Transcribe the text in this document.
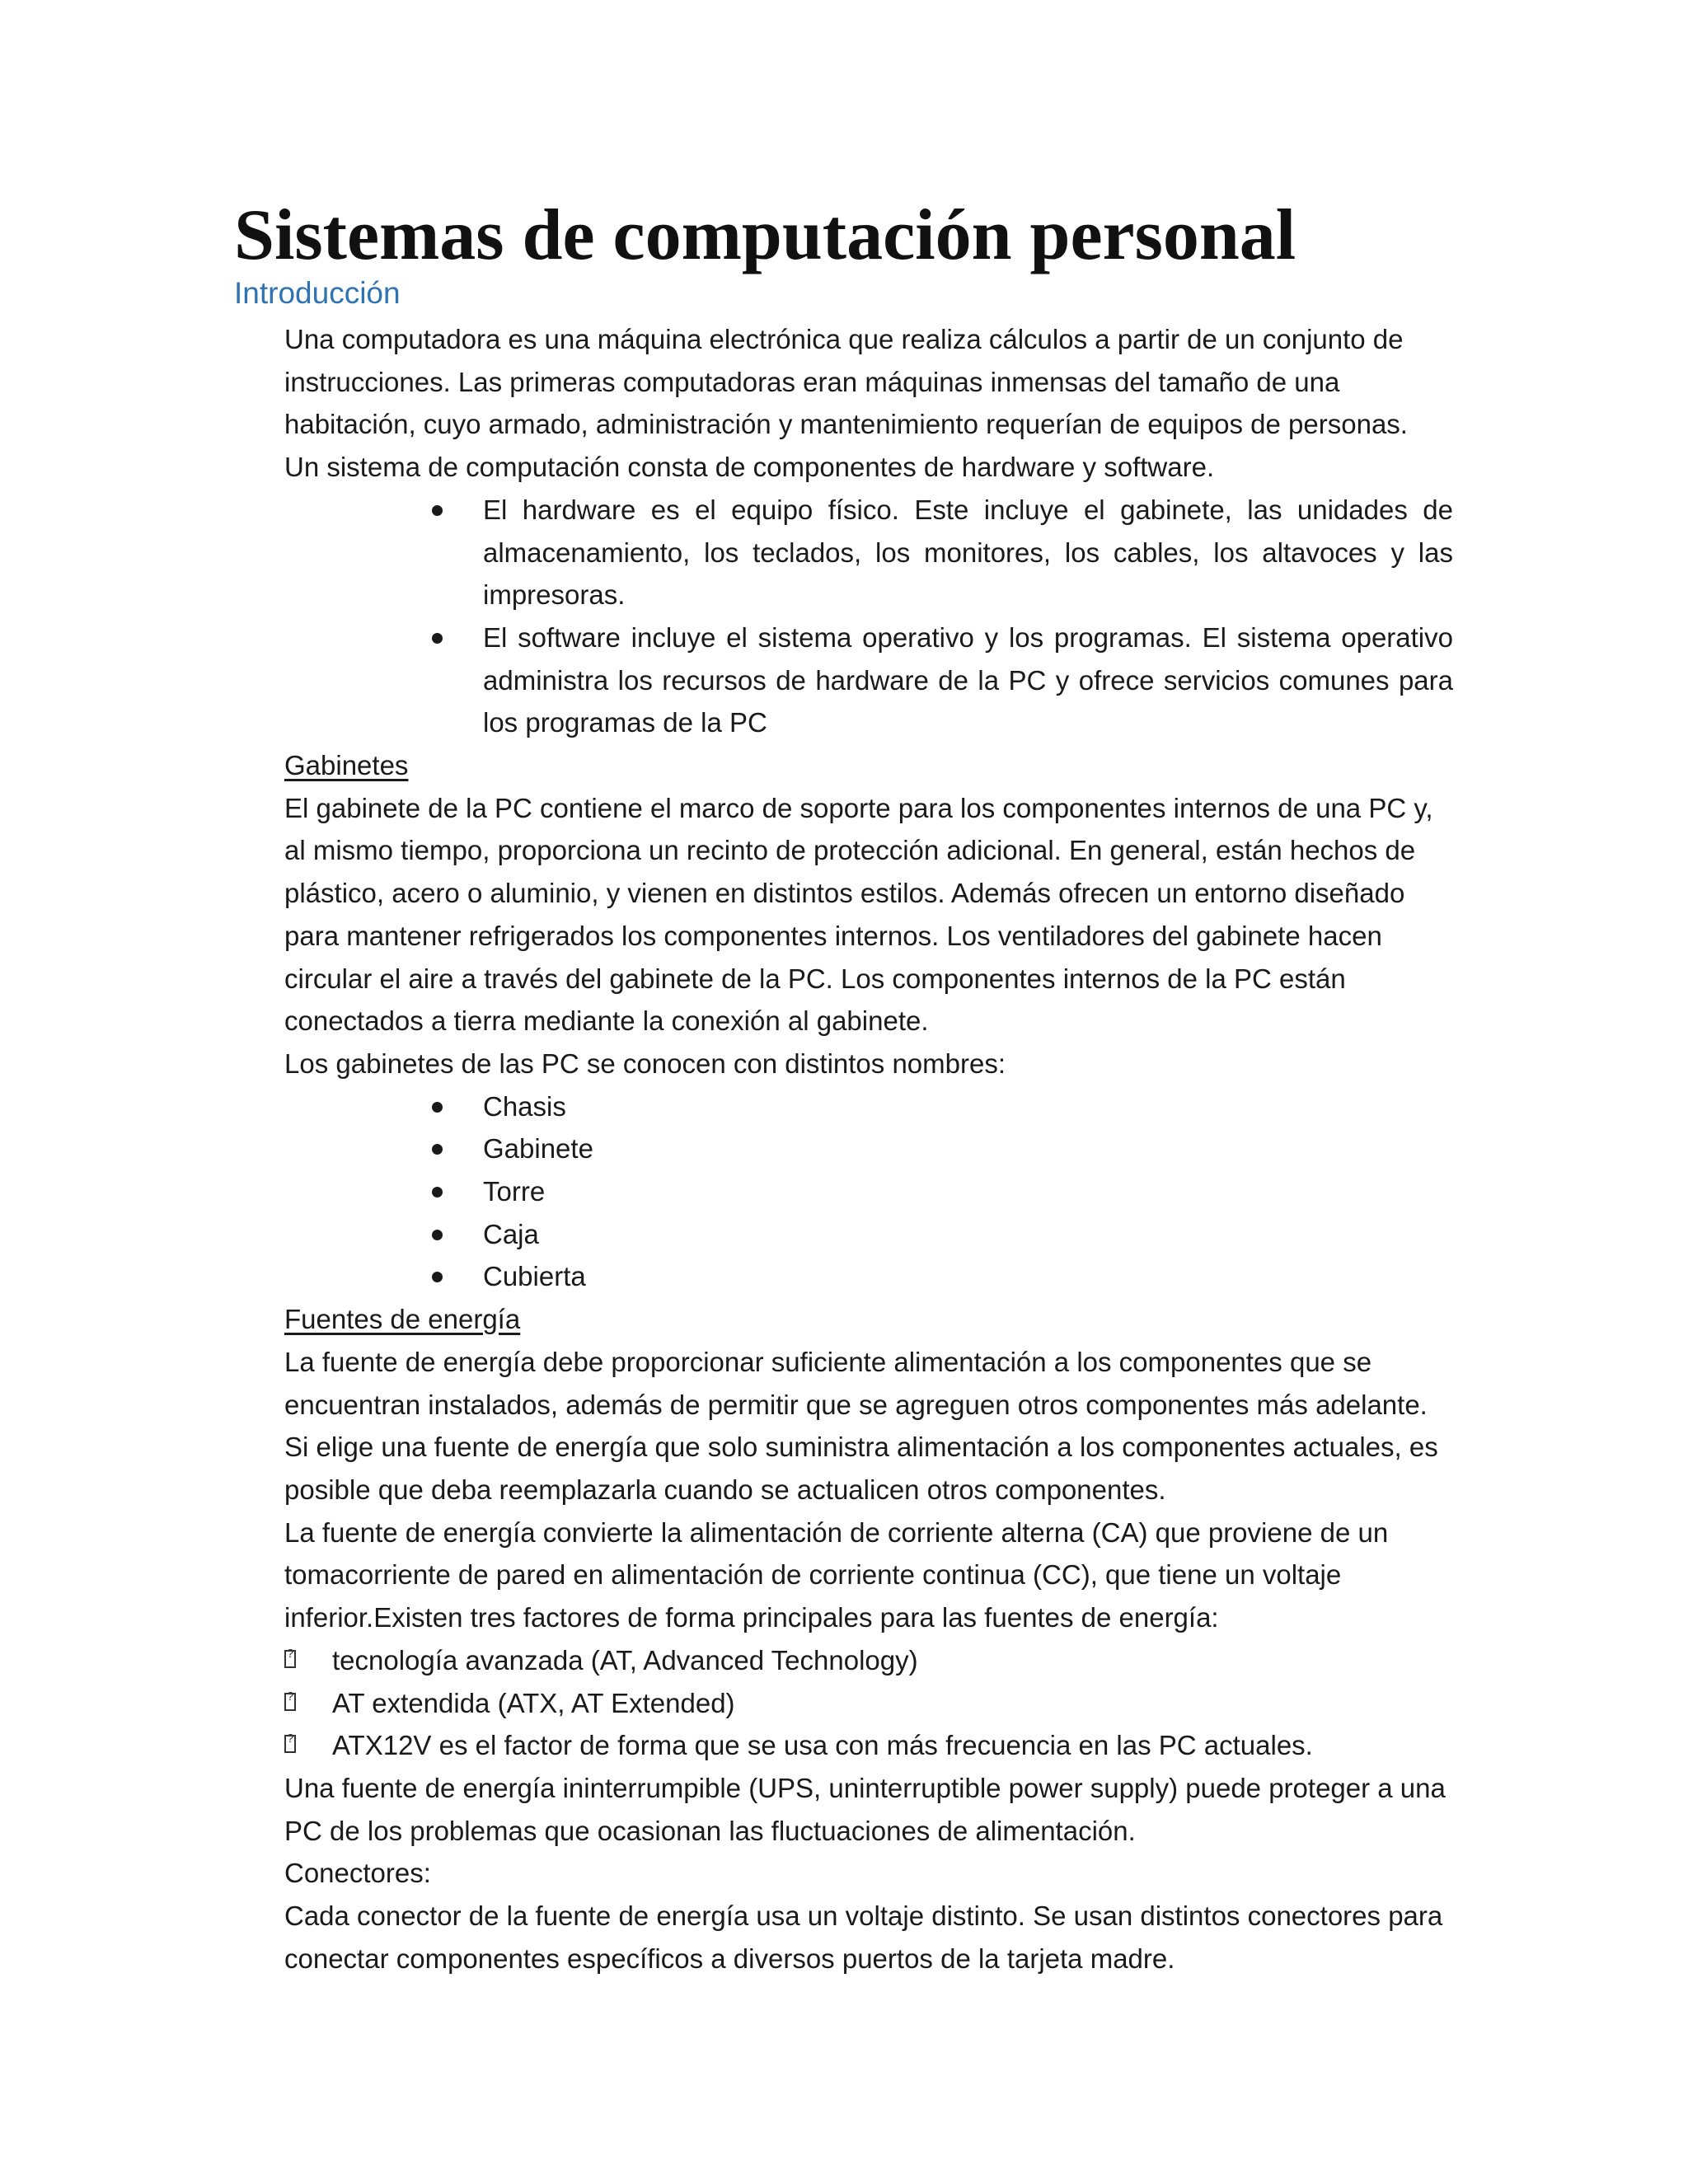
Sistemas de computación personal
Introducción

Una computadora es una máquina electrónica que realiza cálculos a partir de un conjunto de instrucciones. Las primeras computadoras eran máquinas inmensas del tamaño de una habitación, cuyo armado, administración y mantenimiento requerían de equipos de personas.

Un sistema de computación consta de componentes de hardware y software.

El hardware es el equipo físico. Este incluye el gabinete, las unidades de almacenamiento, los teclados, los monitores, los cables, los altavoces y las impresoras.
El software incluye el sistema operativo y los programas. El sistema operativo administra los recursos de hardware de la PC y ofrece servicios comunes para los programas de la PC

Gabinetes

El gabinete de la PC contiene el marco de soporte para los componentes internos de una PC y, al mismo tiempo, proporciona un recinto de protección adicional. En general, están hechos de plástico, acero o aluminio, y vienen en distintos estilos. Además ofrecen un entorno diseñado para mantener refrigerados los componentes internos. Los ventiladores del gabinete hacen circular el aire a través del gabinete de la PC. Los componentes internos de la PC están conectados a tierra mediante la conexión al gabinete.

Los gabinetes de las PC se conocen con distintos nombres:

Chasis
Gabinete
Torre
Caja
Cubierta

Fuentes de energía

La fuente de energía debe proporcionar suficiente alimentación a los componentes que se encuentran instalados, además de permitir que se agreguen otros componentes más adelante. Si elige una fuente de energía que solo suministra alimentación a los componentes actuales, es posible que deba reemplazarla cuando se actualicen otros componentes.

La fuente de energía convierte la alimentación de corriente alterna (CA) que proviene de un tomacorriente de pared en alimentación de corriente continua (CC), que tiene un voltaje inferior.Existen tres factores de forma principales para las fuentes de energía:

?
tecnología avanzada (AT, Advanced Technology)
?
AT extendida (ATX, AT Extended)
?
ATX12V es el factor de forma que se usa con más frecuencia en las PC actuales.

Una fuente de energía ininterrumpible (UPS, uninterruptible power supply) puede proteger a una PC de los problemas que ocasionan las fluctuaciones de alimentación.

Conectores:

Cada conector de la fuente de energía usa un voltaje distinto. Se usan distintos conectores para conectar componentes específicos a diversos puertos de la tarjeta madre.
